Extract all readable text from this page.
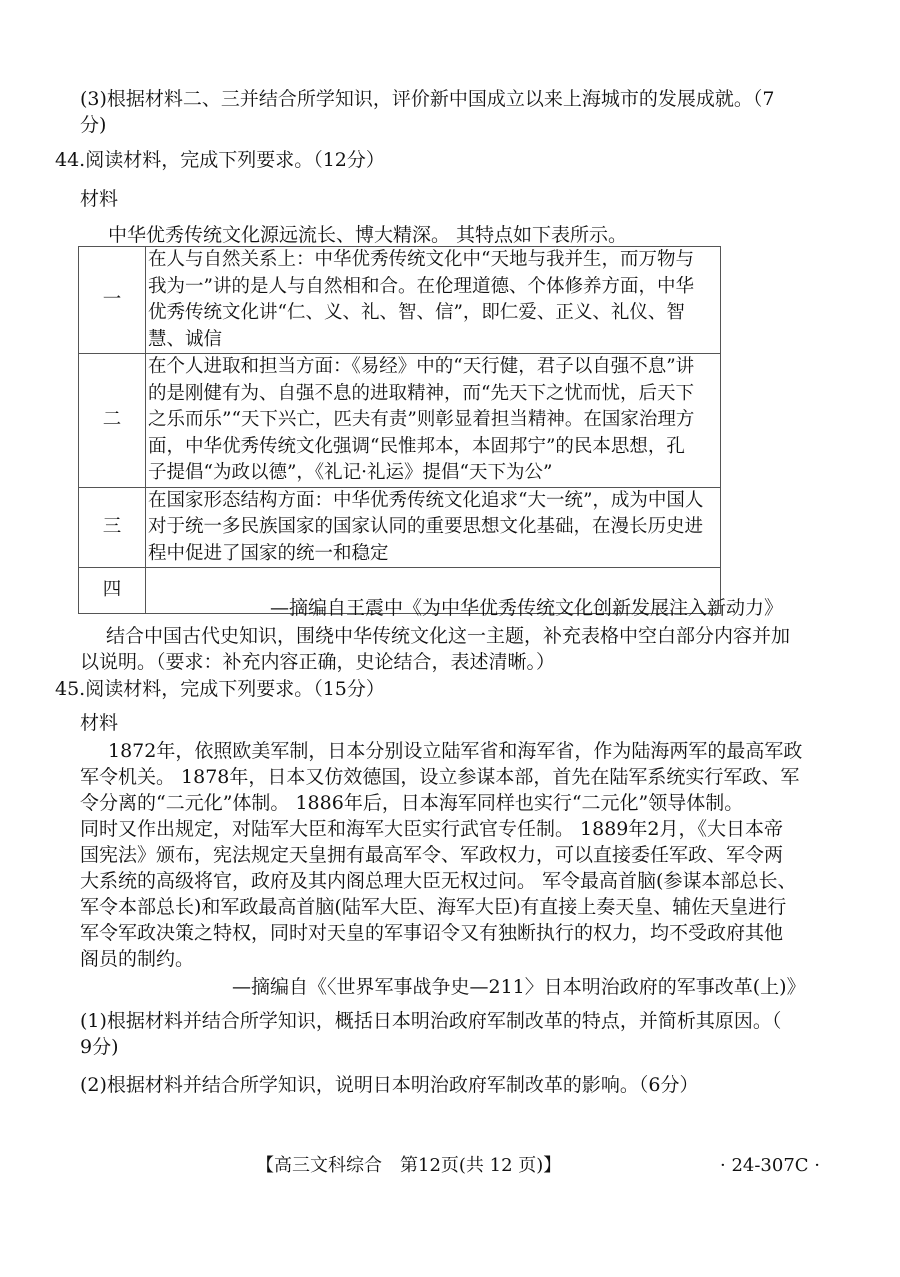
(3)根据材料二、三并结合所学知识，评价新中国成立以来上海城市的发展成就。（7
分)
44.阅读材料，完成下列要求。（12分）
材料
中华优秀传统文化源远流长、博大精深。 其特点如下表所示。
一	在人与自然关系上：中华优秀传统文化中“天地与我并生，而万物与
我为一”讲的是人与自然相和合。在伦理道德、个体修养方面，中华
优秀传统文化讲“仁、义、礼、智、信”，即仁爱、正义、礼仪、智
慧、诚信

二	在个人进取和担当方面：《易经》中的“天行健，君子以自强不息”讲
的是刚健有为、自强不息的进取精神，而“先天下之忧而忧，后天下
之乐而乐”“天下兴亡，匹夫有责”则彰显着担当精神。在国家治理方
面，中华优秀传统文化强调“民惟邦本，本固邦宁”的民本思想，孔
子提倡“为政以德”，《礼记·礼运》提倡“天下为公”

三	在国家形态结构方面：中华优秀传统文化追求“大一统”，成为中国人
对于统一多民族国家的国家认同的重要思想文化基础，在漫长历史进
程中促进了国家的统一和稳定

四	
—摘编自王震中《为中华优秀传统文化创新发展注入新动力》
结合中国古代史知识，围绕中华传统文化这一主题，补充表格中空白部分内容并加
以说明。（要求：补充内容正确，史论结合，表述清晰。）
45.阅读材料，完成下列要求。（15分）
材料
1872年，依照欧美军制，日本分别设立陆军省和海军省，作为陆海两军的最高军政
军令机关。 1878年，日本又仿效德国，设立参谋本部，首先在陆军系统实行军政、军
令分离的“二元化”体制。 1886年后，日本海军同样也实行“二元化”领导体制。
同时又作出规定，对陆军大臣和海军大臣实行武官专任制。 1889年2月，《大日本帝
国宪法》颁布，宪法规定天皇拥有最高军令、军政权力，可以直接委任军政、军令两
大系统的高级将官，政府及其内阁总理大臣无权过问。 军令最高首脑(参谋本部总长、
军令本部总长)和军政最高首脑(陆军大臣、海军大臣)有直接上奏天皇、辅佐天皇进行
军令军政决策之特权，同时对天皇的军事诏令又有独断执行的权力，均不受政府其他
阁员的制约。
—摘编自《〈世界军事战争史—211〉日本明治政府的军事改革(上)》
(1)根据材料并结合所学知识，概括日本明治政府军制改革的特点，并简析其原因。（
9分)
(2)根据材料并结合所学知识，说明日本明治政府军制改革的影响。（6分）
【高三文科综合　第12页(共 12 页)】	· 24-307C ·
